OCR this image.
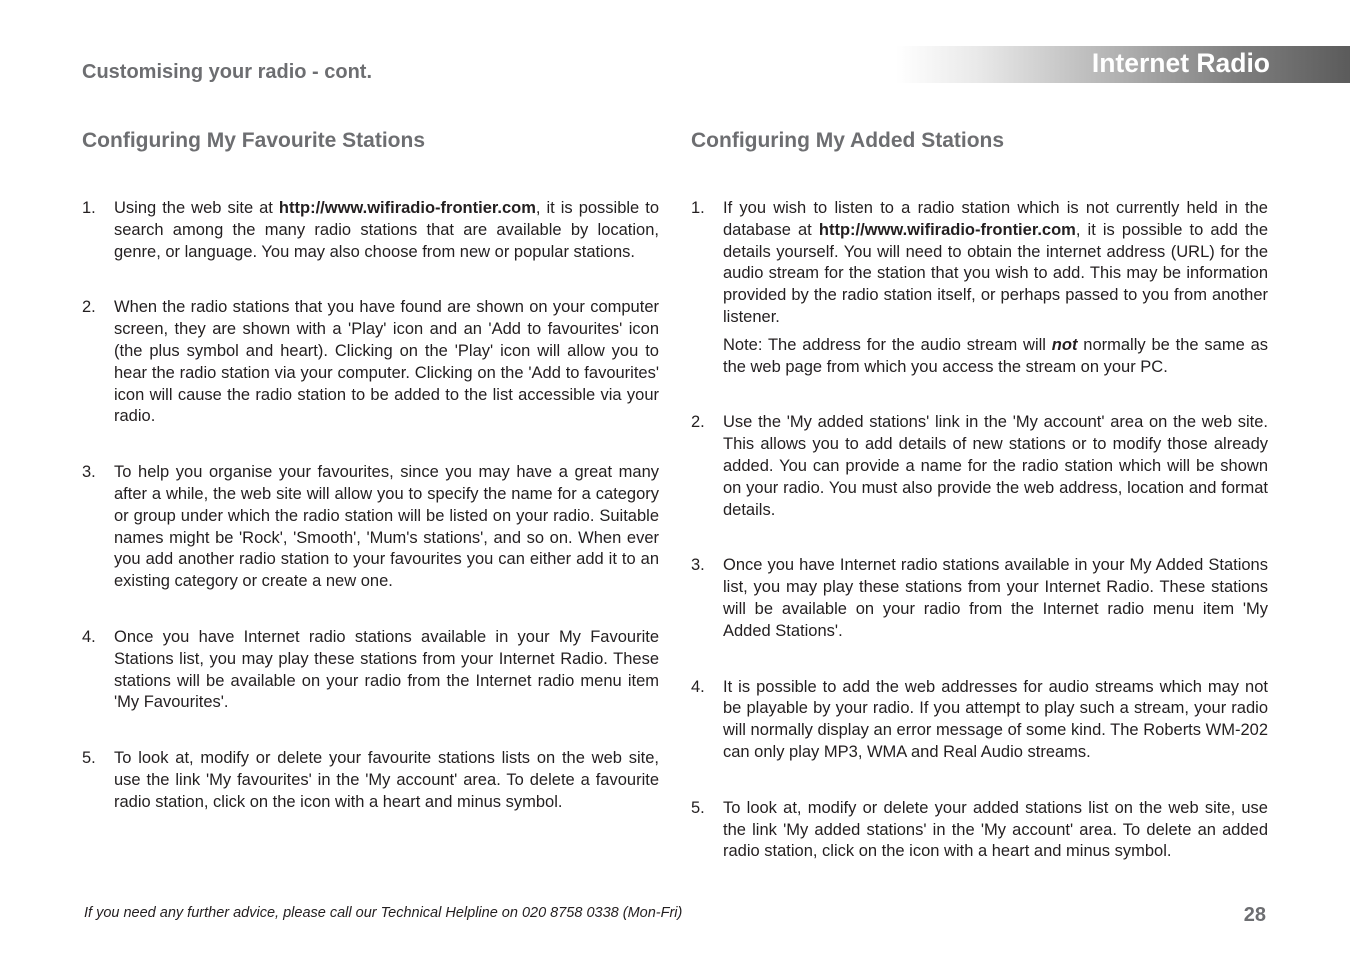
Internet Radio
Customising your radio - cont.
Configuring My Favourite Stations
1.	Using the web site at http://www.wifiradio-frontier.com, it is possible to search among the many radio stations that are available by location, genre, or language. You may also choose from new or popular stations.

2.	When the radio stations that you have found are shown on your computer screen, they are shown with a 'Play' icon and an 'Add to favourites' icon (the plus symbol and heart). Clicking on the 'Play' icon will allow you to hear the radio station via your computer. Clicking on the 'Add to favourites' icon will cause the radio station to be added to the list accessible via your radio.

3.	To help you organise your favourites, since you may have a great many after a while, the web site will allow you to specify the name for a category or group under which the radio station will be listed on your radio. Suitable names might be 'Rock', 'Smooth', 'Mum's stations', and so on. When ever you add another radio station to your favourites you can either add it to an existing category or create a new one.

4.	Once you have Internet radio stations available in your My Favourite Stations list, you may play these stations from your Internet Radio. These stations will be available on your radio from the Internet radio menu item 'My Favourites'.

5.	To look at, modify or delete your favourite stations lists on the web site, use the link 'My favourites' in the 'My account' area. To delete a favourite radio station, click on the icon with a heart and minus symbol.

Configuring My Added Stations
1.	If you wish to listen to a radio station which is not currently held in the database at http://www.wifiradio-frontier.com, it is possible to add the details yourself. You will need to obtain the internet address (URL) for the audio stream for the station that you wish to add. This may be information provided by the radio station itself, or perhaps passed to you from another listener.

Note: The address for the audio stream will not normally be the same as the web page from which you access the stream on your PC.

2.	Use the 'My added stations' link in the 'My account' area on the web site. This allows you to add details of new stations or to modify those already added. You can provide a name for the radio station which will be shown on your radio. You must also provide the web address, location and format details.

3.	Once you have Internet radio stations available in your My Added Stations list, you may play these stations from your Internet Radio. These stations will be available on your radio from the Internet radio menu item 'My Added Stations'.

4.	It is possible to add the web addresses for audio streams which may not be playable by your radio. If you attempt to play such a stream, your radio will normally display an error message of some kind. The Roberts WM-202 can only play MP3, WMA and Real Audio streams.

5.	To look at, modify or delete your added stations list on the web site, use the link 'My added stations' in the 'My account' area. To delete an added radio station, click on the icon with a heart and minus symbol.

If you need any further advice, please call our Technical Helpline on 020 8758 0338 (Mon-Fri)	28
